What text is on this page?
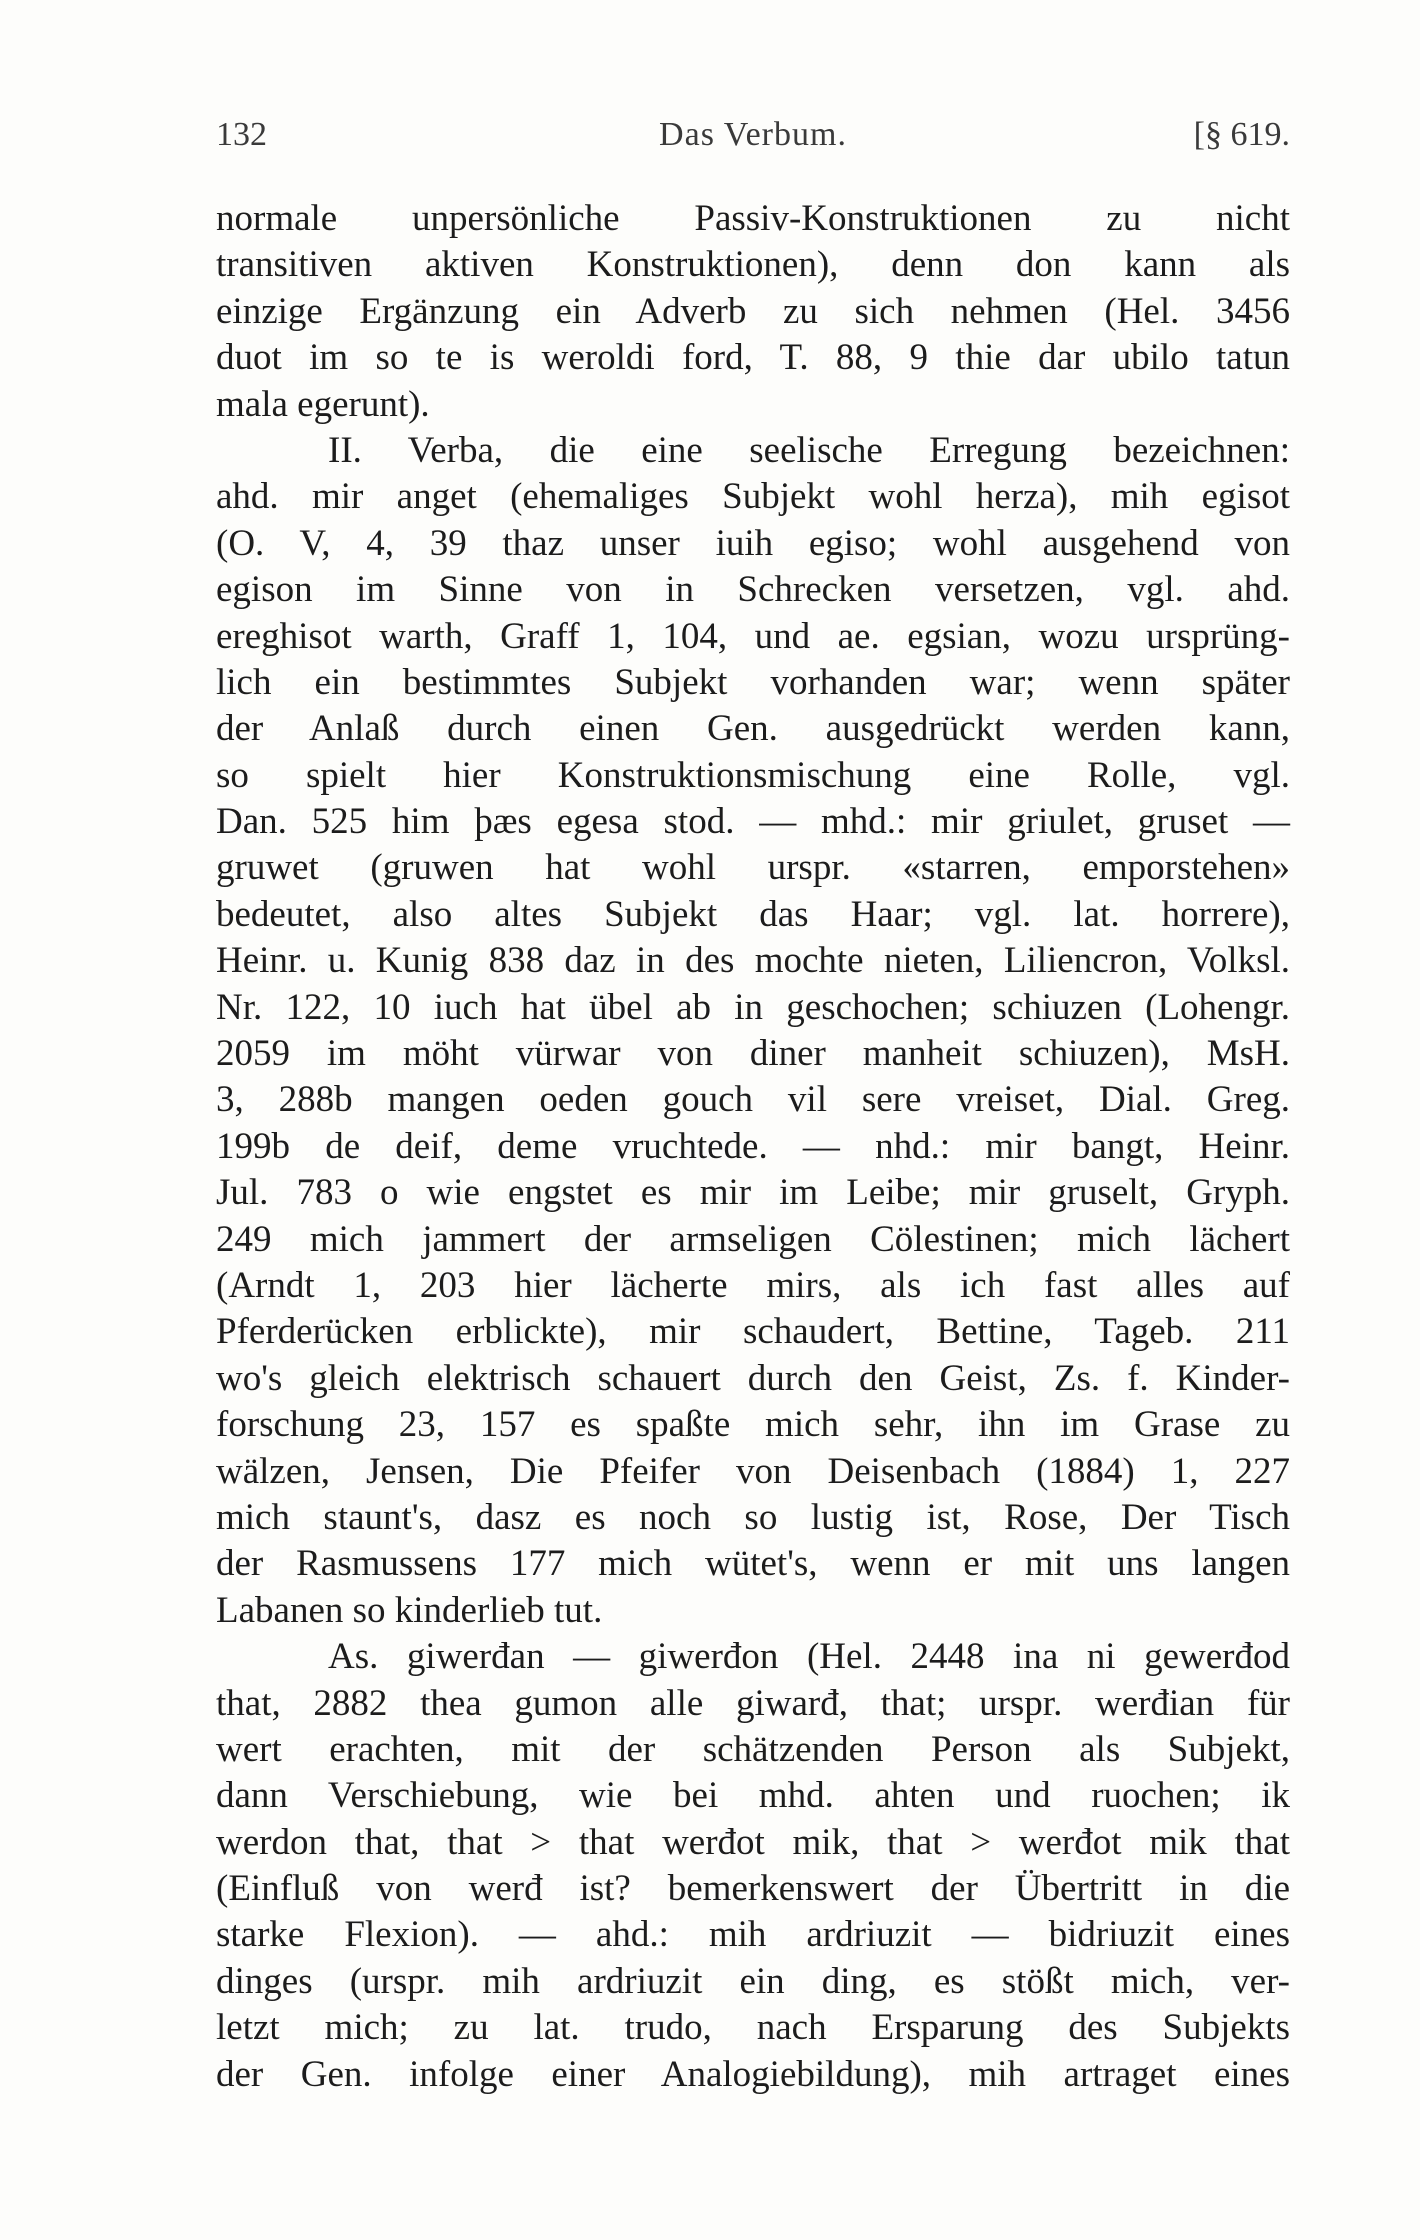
132	Das Verbum.	[§ 619.
normale unpersönliche Passiv-Konstruktionen zu nicht
transitiven aktiven Konstruktionen), denn don kann als
einzige Ergänzung ein Adverb zu sich nehmen (Hel. 3456
duot im so te is weroldi ford, T. 88, 9 thie dar ubilo tatun
mala egerunt).
II. Verba, die eine seelische Erregung bezeichnen:
ahd. mir anget (ehemaliges Subjekt wohl herza), mih egisot
(O. V, 4, 39 thaz unser iuih egiso; wohl ausgehend von
egison im Sinne von in Schrecken versetzen, vgl. ahd.
ereghisot warth, Graff 1, 104, und ae. egsian, wozu ursprüng-
lich ein bestimmtes Subjekt vorhanden war; wenn später
der Anlaß durch einen Gen. ausgedrückt werden kann,
so spielt hier Konstruktionsmischung eine Rolle, vgl.
Dan. 525 him þæs egesa stod. — mhd.: mir griulet, gruset —
gruwet (gruwen hat wohl urspr. «starren, emporstehen»
bedeutet, also altes Subjekt das Haar; vgl. lat. horrere),
Heinr. u. Kunig 838 daz in des mochte nieten, Liliencron, Volksl.
Nr. 122, 10 iuch hat übel ab in geschochen; schiuzen (Lohengr.
2059 im möht vürwar von diner manheit schiuzen), MsH.
3, 288b mangen oeden gouch vil sere vreiset, Dial. Greg.
199b de deif, deme vruchtede. — nhd.: mir bangt, Heinr.
Jul. 783 o wie engstet es mir im Leibe; mir gruselt, Gryph.
249 mich jammert der armseligen Cölestinen; mich lächert
(Arndt 1, 203 hier lächerte mirs, als ich fast alles auf
Pferderücken erblickte), mir schaudert, Bettine, Tageb. 211
wo's gleich elektrisch schauert durch den Geist, Zs. f. Kinder-
forschung 23, 157 es spaßte mich sehr, ihn im Grase zu
wälzen, Jensen, Die Pfeifer von Deisenbach (1884) 1, 227
mich staunt's, dasz es noch so lustig ist, Rose, Der Tisch
der Rasmussens 177 mich wütet's, wenn er mit uns langen
Labanen so kinderlieb tut.
As. giwerđan — giwerđon (Hel. 2448 ina ni gewerđod
that, 2882 thea gumon alle giwarđ, that; urspr. werđian für
wert erachten, mit der schätzenden Person als Subjekt,
dann Verschiebung, wie bei mhd. ahten und ruochen; ik
werdon that, that > that werđot mik, that > werđot mik that
(Einfluß von werđ ist? bemerkenswert der Übertritt in die
starke Flexion). — ahd.: mih ardriuzit — bidriuzit eines
dinges (urspr. mih ardriuzit ein ding, es stößt mich, ver-
letzt mich; zu lat. trudo, nach Ersparung des Subjekts
der Gen. infolge einer Analogiebildung), mih artraget eines
